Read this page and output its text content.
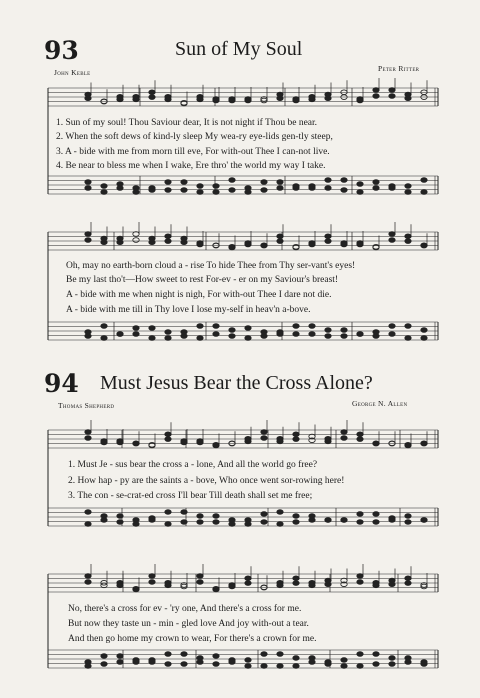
93	Sun of My Soul
John Keble	Peter Ritter
1. Sun of my soul! Thou Saviour dear, It is not night if Thou be near.
2. When the soft dews of kind-ly sleep My wea-ry eye-lids gen-tly steep,
3. A - bide with me from morn till eve, For with-out Thee I can-not live.
4. Be near to bless me when I wake, Ere thro' the world my way I take.
Oh, may no earth-born cloud a - rise To hide Thee from Thy ser-vant's eyes!
Be my last tho't—How sweet to rest For-ev - er on my Saviour's breast!
A - bide with me when night is nigh, For with-out Thee I dare not die.
A - bide with me till in Thy love I lose my-self in heav'n a-bove.
94 Must Jesus Bear the Cross Alone?
Thomas Shepherd	George N. Allen
1. Must Je - sus bear the cross a - lone, And all the world go free?
2. How hap - py are the saints a - bove, Who once went sor-rowing here!
3. The con - se-crat-ed cross I'll bear Till death shall set me free;
No, there's a cross for ev - 'ry one, And there's a cross for me.
But now they taste un - min - gled love And joy with-out a tear.
And then go home my crown to wear, For there's a crown for me.
